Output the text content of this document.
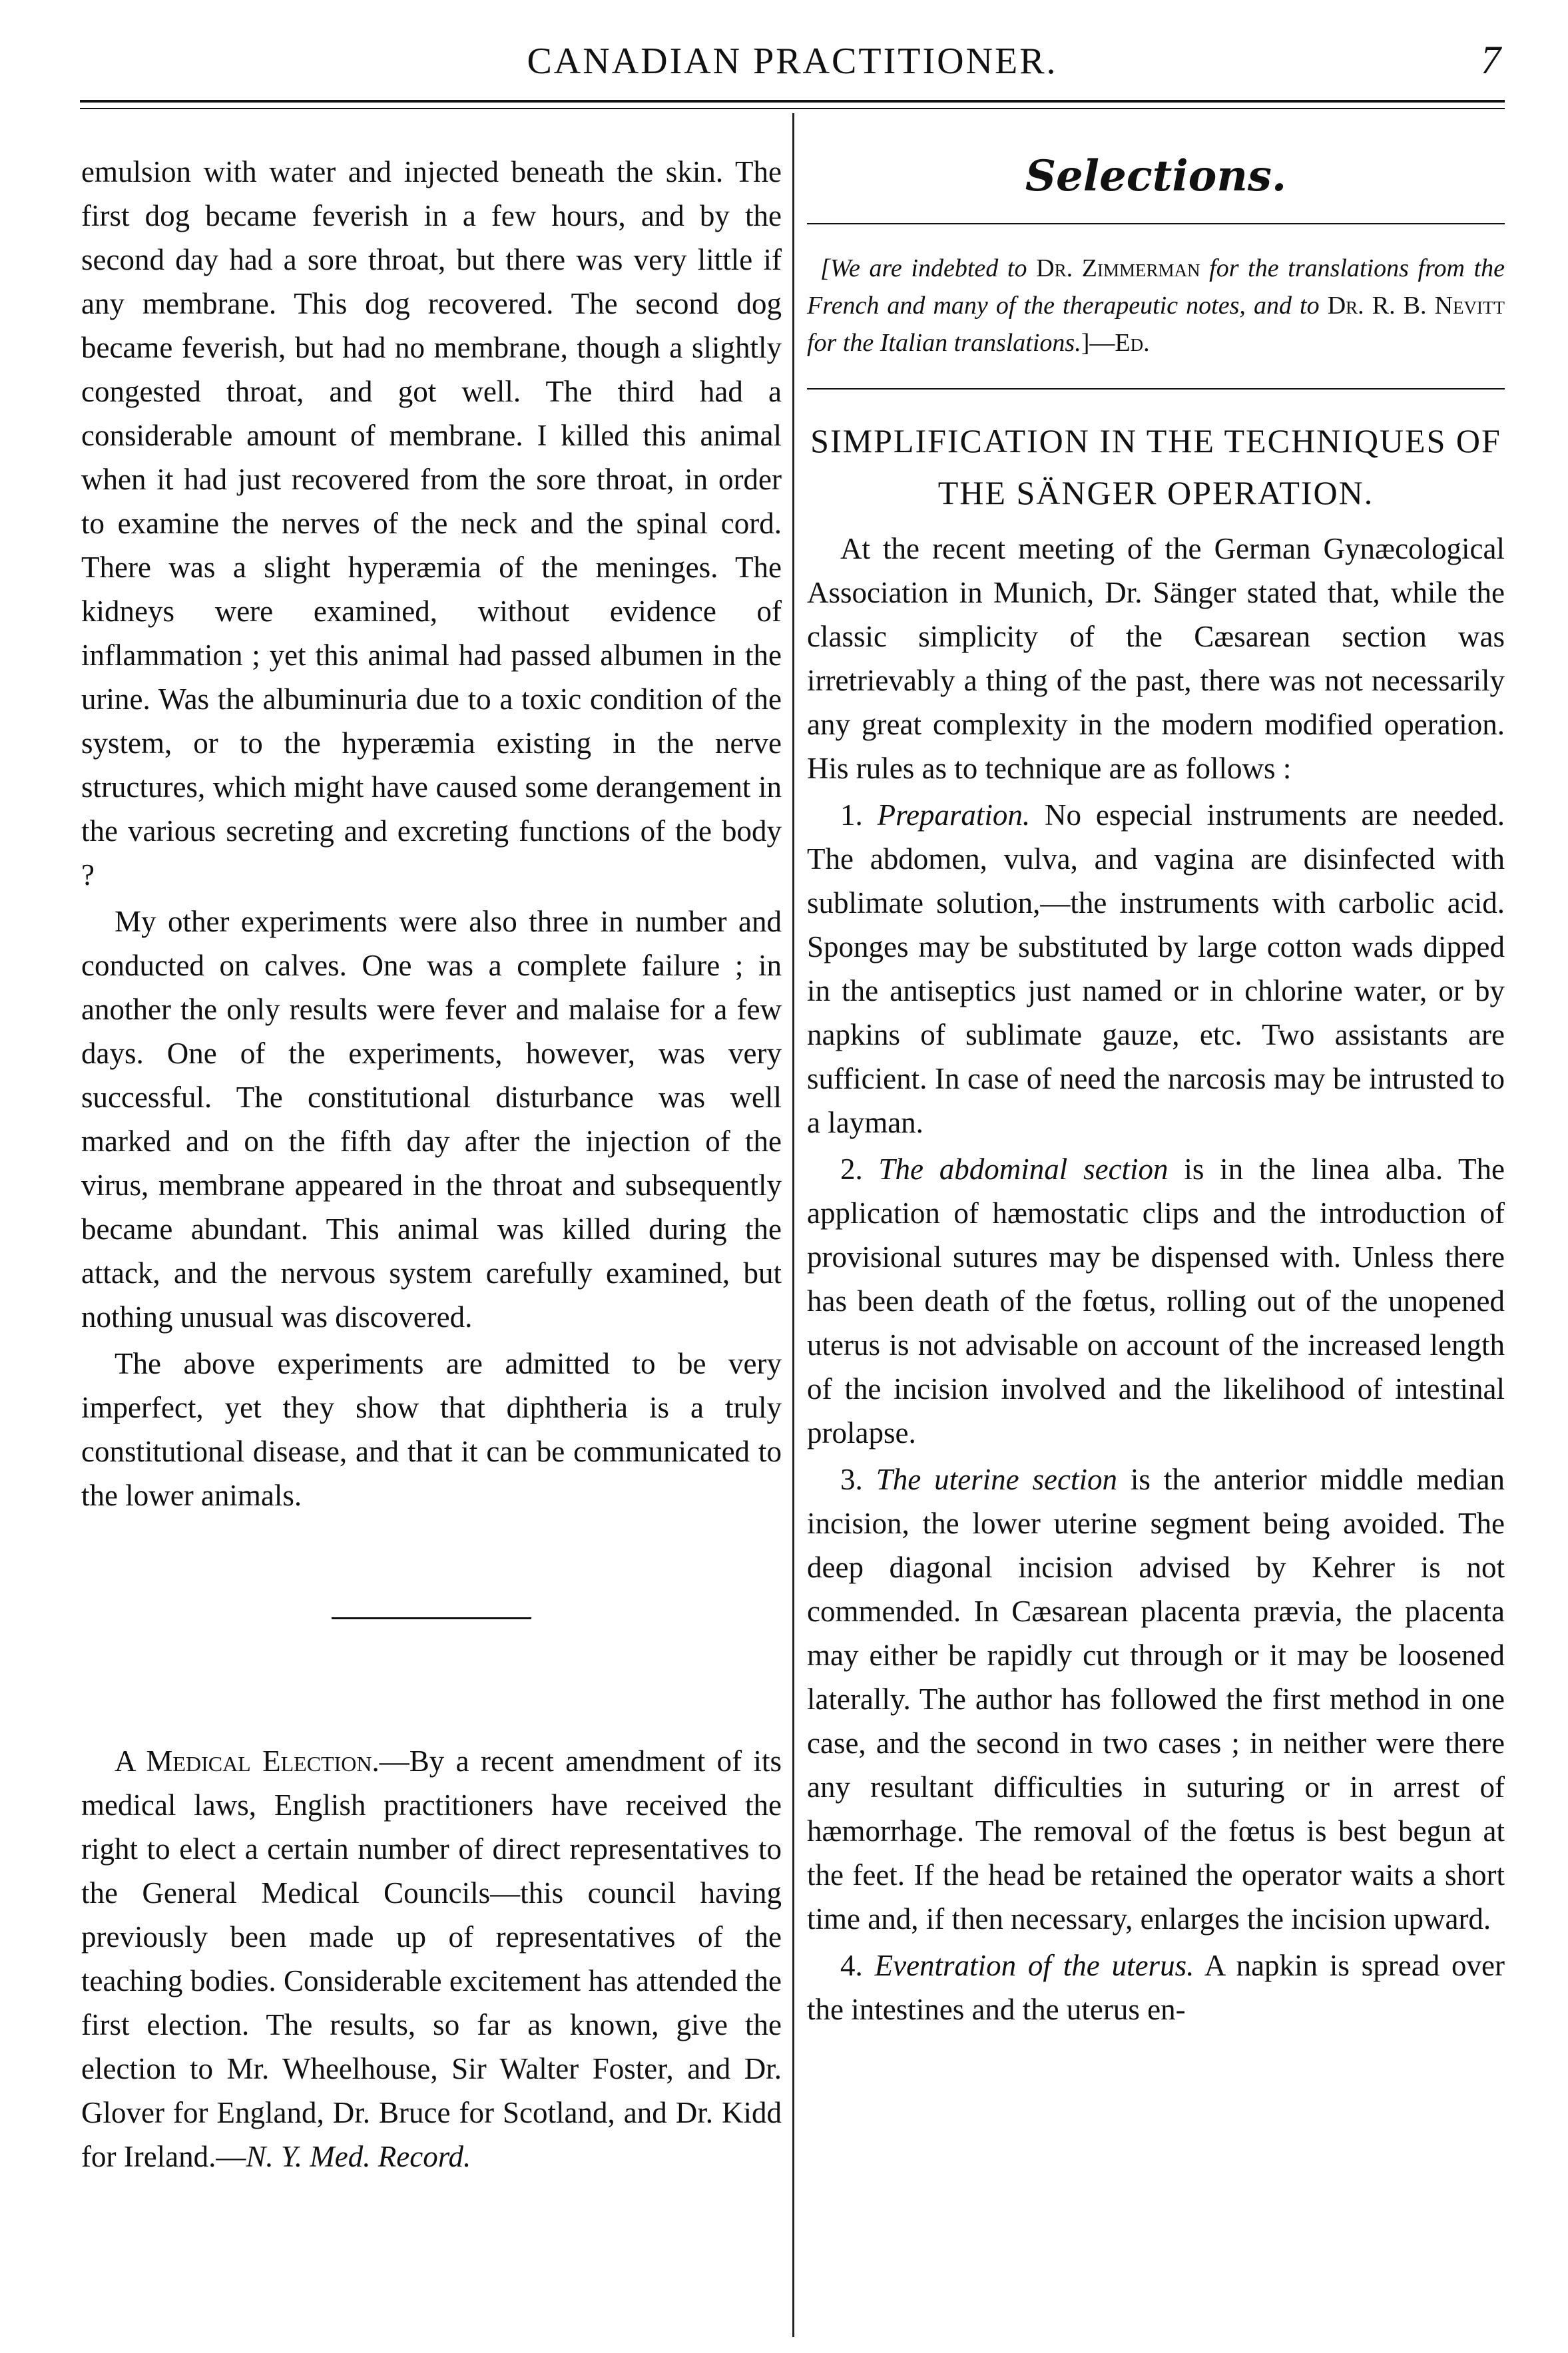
CANADIAN PRACTITIONER.	7

emulsion with water and injected beneath the skin. The first dog became feverish in a few hours, and by the second day had a sore throat, but there was very little if any membrane. This dog recovered. The second dog became feverish, but had no membrane, though a slightly congested throat, and got well. The third had a considerable amount of membrane. I killed this animal when it had just recovered from the sore throat, in order to examine the nerves of the neck and the spinal cord. There was a slight hyperæmia of the meninges. The kidneys were examined, without evidence of inflammation ; yet this animal had passed albumen in the urine. Was the albuminuria due to a toxic condition of the system, or to the hyperæmia existing in the nerve structures, which might have caused some derangement in the various secreting and excreting functions of the body ?

My other experiments were also three in number and conducted on calves. One was a complete failure ; in another the only results were fever and malaise for a few days. One of the experiments, however, was very successful. The constitutional disturbance was well marked and on the fifth day after the injection of the virus, membrane appeared in the throat and subsequently became abundant. This animal was killed during the attack, and the nervous system carefully examined, but nothing unusual was discovered.

The above experiments are admitted to be very imperfect, yet they show that diphtheria is a truly constitutional disease, and that it can be communicated to the lower animals.

A Medical Election.—By a recent amendment of its medical laws, English practitioners have received the right to elect a certain number of direct representatives to the General Medical Councils—this council having previously been made up of representatives of the teaching bodies. Considerable excitement has attended the first election. The results, so far as known, give the election to Mr. Wheelhouse, Sir Walter Foster, and Dr. Glover for England, Dr. Bruce for Scotland, and Dr. Kidd for Ireland.—N. Y. Med. Record.

Selections.

[We are indebted to Dr. Zimmerman for the translations from the French and many of the therapeutic notes, and to Dr. R. B. Nevitt for the Italian translations.]—Ed.

SIMPLIFICATION IN THE TECHNIQUES OF THE SÄNGER OPERATION.

At the recent meeting of the German Gynæcological Association in Munich, Dr. Sänger stated that, while the classic simplicity of the Cæsarean section was irretrievably a thing of the past, there was not necessarily any great complexity in the modern modified operation. His rules as to technique are as follows :

1. Preparation. No especial instruments are needed. The abdomen, vulva, and vagina are disinfected with sublimate solution,—the instruments with carbolic acid. Sponges may be substituted by large cotton wads dipped in the antiseptics just named or in chlorine water, or by napkins of sublimate gauze, etc. Two assistants are sufficient. In case of need the narcosis may be intrusted to a layman.

2. The abdominal section is in the linea alba. The application of hæmostatic clips and the introduction of provisional sutures may be dispensed with. Unless there has been death of the fœtus, rolling out of the unopened uterus is not advisable on account of the increased length of the incision involved and the likelihood of intestinal prolapse.

3. The uterine section is the anterior middle median incision, the lower uterine segment being avoided. The deep diagonal incision advised by Kehrer is not commended. In Cæsarean placenta prævia, the placenta may either be rapidly cut through or it may be loosened laterally. The author has followed the first method in one case, and the second in two cases ; in neither were there any resultant difficulties in suturing or in arrest of hæmorrhage. The removal of the fœtus is best begun at the feet. If the head be retained the operator waits a short time and, if then necessary, enlarges the incision upward.

4. Eventration of the uterus. A napkin is spread over the intestines and the uterus en-
